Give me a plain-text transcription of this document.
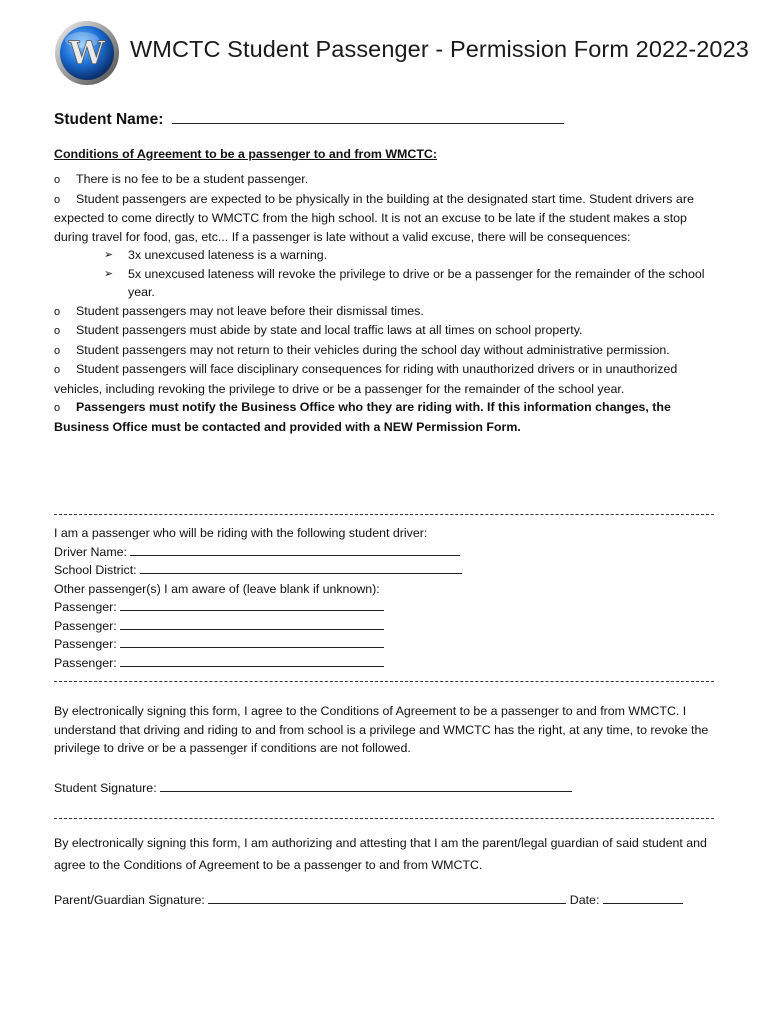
W WMCTC Student Passenger - Permission Form 2022-2023
Student Name:
Conditions of Agreement to be a passenger to and from WMCTC:
o There is no fee to be a student passenger.
o Student passengers are expected to be physically in the building at the designated start time. Student drivers are expected to come directly to WMCTC from the high school. It is not an excuse to be late if the student makes a stop during travel for food, gas, etc... If a passenger is late without a valid excuse, there will be consequences:
➢	3x unexcused lateness is a warning.
➢	5x unexcused lateness will revoke the privilege to drive or be a passenger for the remainder of the school year.
o Student passengers may not leave before their dismissal times.
o Student passengers must abide by state and local traffic laws at all times on school property.
o Student passengers may not return to their vehicles during the school day without administrative permission.
o Student passengers will face disciplinary consequences for riding with unauthorized drivers or in unauthorized vehicles, including revoking the privilege to drive or be a passenger for the remainder of the school year.
o Passengers must notify the Business Office who they are riding with. If this information changes, the Business Office must be contacted and provided with a NEW Permission Form.
I am a passenger who will be riding with the following student driver:
Driver Name:
School District:
Other passenger(s) I am aware of (leave blank if unknown):
Passenger:
Passenger:
Passenger:
Passenger:
By electronically signing this form, I agree to the Conditions of Agreement to be a passenger to and from WMCTC. I understand that driving and riding to and from school is a privilege and WMCTC has the right, at any time, to revoke the privilege to drive or be a passenger if conditions are not followed.
Student Signature:
By electronically signing this form, I am authorizing and attesting that I am the parent/legal guardian of said student and agree to the Conditions of Agreement to be a passenger to and from WMCTC.
Parent/Guardian Signature:	Date:
